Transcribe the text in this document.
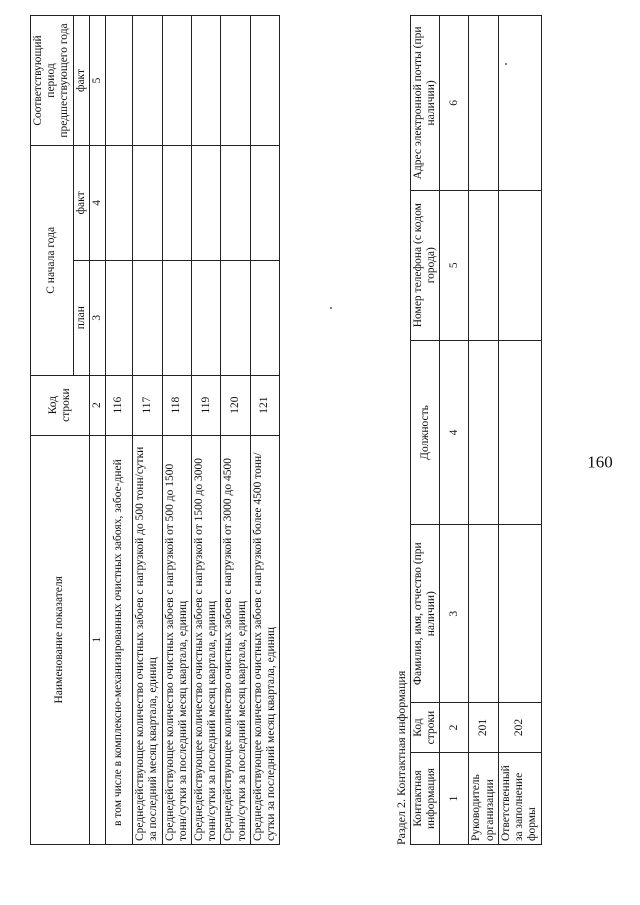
160
Наименование показателя	Код строки	С начала года		Соответствующий период предшествующего года
		план	факт	факт
1	2	3	4	5
в том числе в комплексно-механизированных очистных забоях, забое-дней	116			
Среднедействующее количество очистных забоев с нагрузкой до 500 тонн/сутки за последний месяц квартала, единиц	117			
Среднедействующее количество очистных забоев с нагрузкой от 500 до 1500 тонн/сутки за последний месяц квартала, единиц	118			
Среднедействующее количество очистных забоев с нагрузкой от 1500 до 3000 тонн/сутки за последний месяц квартала, единиц	119			
Среднедействующее количество очистных забоев с нагрузкой от 3000 до 4500 тонн/сутки за последний месяц квартала, единиц	120			
Среднедействующее количество очистных забоев с нагрузкой более 4500 тонн/сутки за последний месяц квартала, единиц	121			
Раздел 2. Контактная информация Контактная информация	Код строки	Фамилия, имя, отчество (при наличии)	Должность	Номер телефона (с кодом города)	Адрес электронной почты (при наличии)
1	2	3	4	5	6
Руководитель организации	201				
Ответственный за заполнение формы	202				
